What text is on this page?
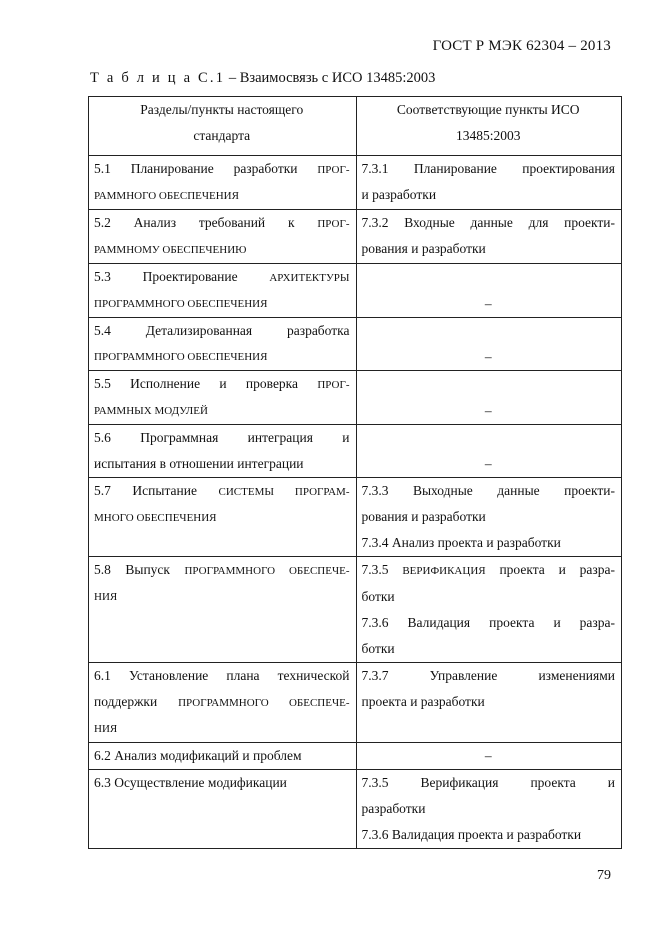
ГОСТ Р МЭК 62304 – 2013
Т а б л и ц а С.1 – Взаимосвязь с ИСО 13485:2003
Разделы/пункты настоящего
стандарта	Соответствующие пункты ИСО
13485:2003

5.1 Планирование разработки ПРОГ-
РАММНОГО ОБЕСПЕЧЕНИЯ	7.3.1 Планирование проектирования
и разработки

5.2 Анализ требований к ПРОГ-
РАММНОМУ ОБЕСПЕЧЕНИЮ	7.3.2 Входные данные для проекти-
рования и разработки

5.3 Проектирование АРХИТЕКТУРЫ
ПРОГРАММНОГО ОБЕСПЕЧЕНИЯ	–

5.4 Детализированная разработка
ПРОГРАММНОГО ОБЕСПЕЧЕНИЯ	–

5.5 Исполнение и проверка ПРОГ-
РАММНЫХ МОДУЛЕЙ	–

5.6 Программная интеграция и
испытания в отношении интеграции	–

5.7 Испытание СИСТЕМЫ ПРОГРАМ-
МНОГО ОБЕСПЕЧЕНИЯ	7.3.3 Выходные данные проекти-
рования и разработки
7.3.4 Анализ проекта и разработки

5.8 Выпуск ПРОГРАММНОГО ОБЕСПЕЧЕ-
НИЯ	7.3.5 ВЕРИФИКАЦИЯ проекта и разра-
ботки
7.3.6 Валидация проекта и разра-
ботки

6.1 Установление плана технической
поддержки ПРОГРАММНОГО ОБЕСПЕЧЕ-
НИЯ	7.3.7 Управление изменениями
проекта и разработки

6.2 Анализ модификаций и проблем	–

6.3 Осуществление модификации	7.3.5 Верификация проекта и
разработки
7.3.6 Валидация проекта и разработки
79
